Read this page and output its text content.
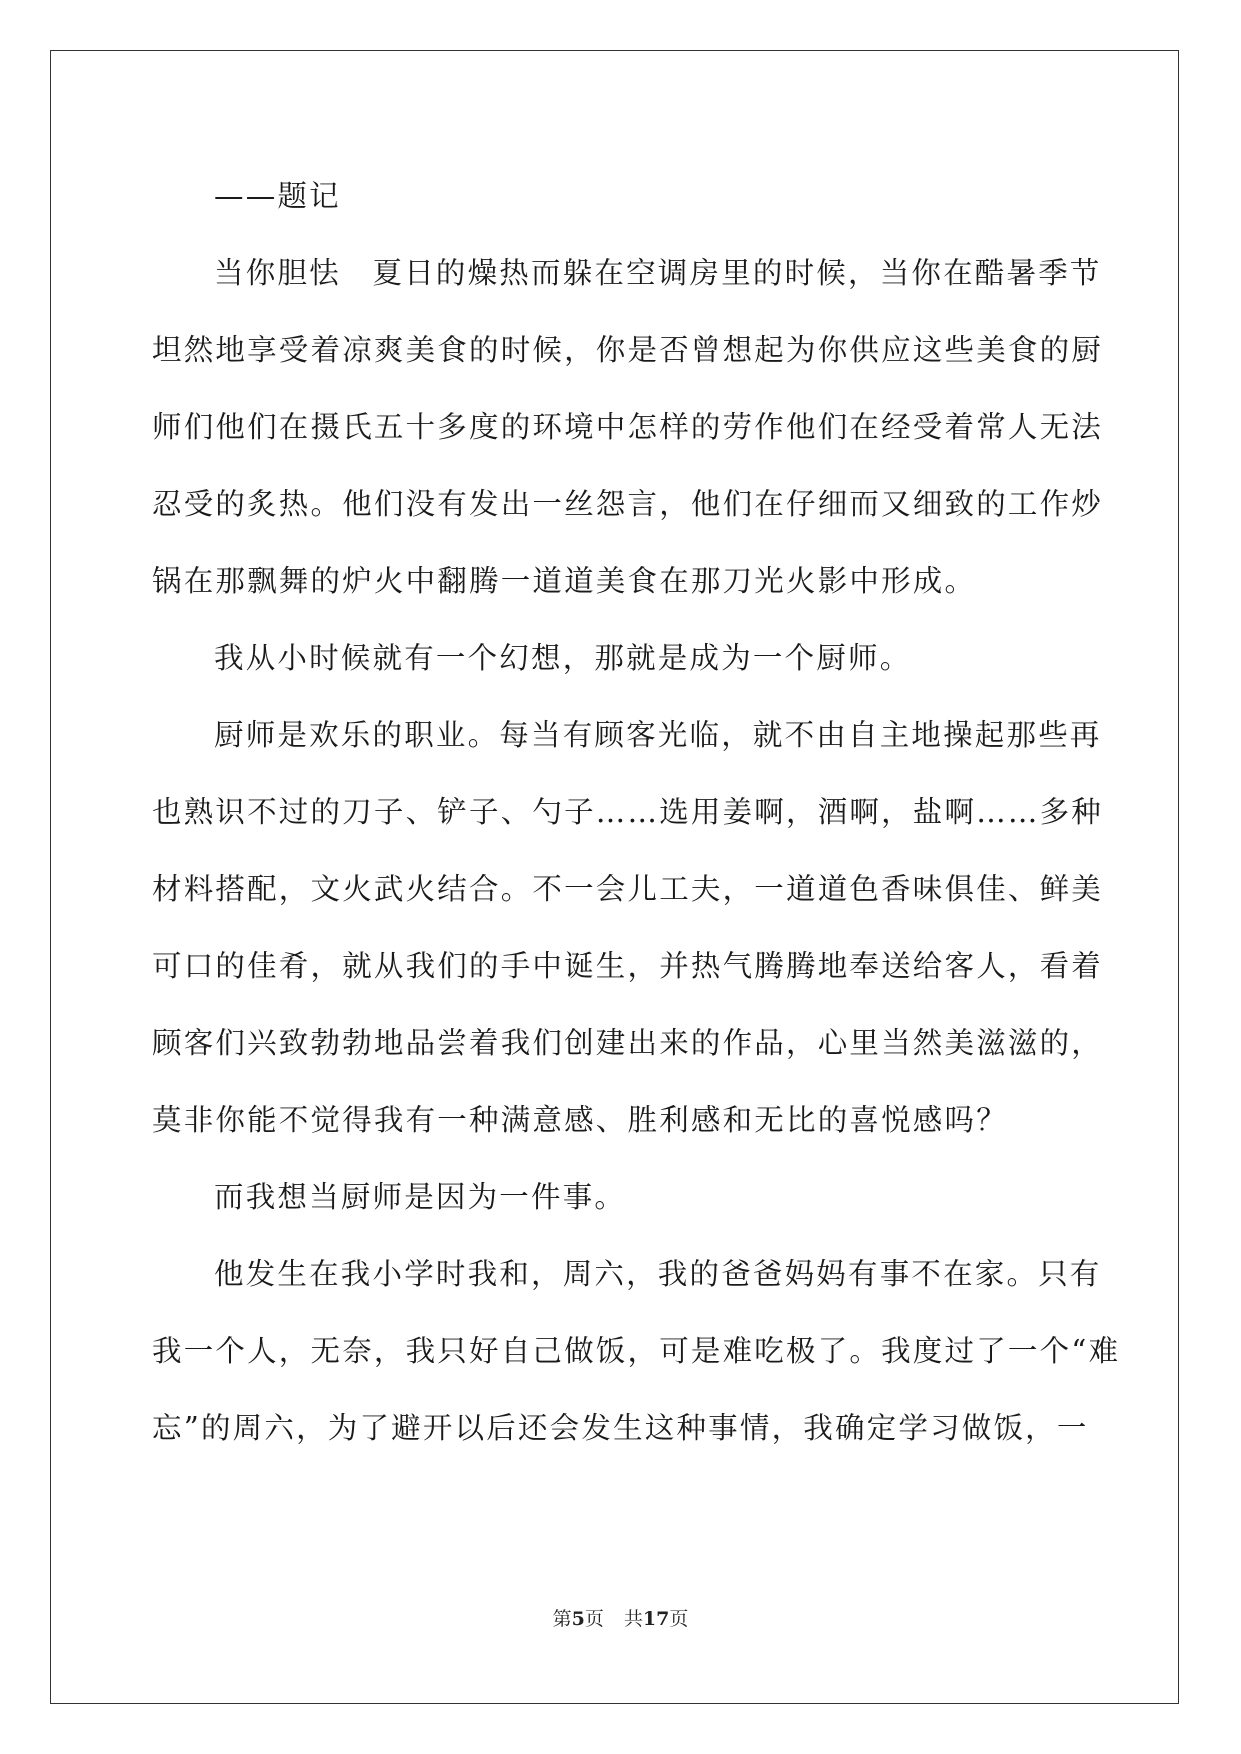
——题记
当你胆怯　夏日的燥热而躲在空调房里的时候，当你在酷暑季节
坦然地享受着凉爽美食的时候，你是否曾想起为你供应这些美食的厨
师们他们在摄氏五十多度的环境中怎样的劳作他们在经受着常人无法
忍受的炙热。他们没有发出一丝怨言，他们在仔细而又细致的工作炒
锅在那飘舞的炉火中翻腾一道道美食在那刀光火影中形成。
我从小时候就有一个幻想，那就是成为一个厨师。
厨师是欢乐的职业。每当有顾客光临，就不由自主地操起那些再
也熟识不过的刀子、铲子、勺子……选用姜啊，酒啊，盐啊……多种
材料搭配，文火武火结合。不一会儿工夫，一道道色香味俱佳、鲜美
可口的佳肴，就从我们的手中诞生，并热气腾腾地奉送给客人，看着
顾客们兴致勃勃地品尝着我们创建出来的作品，心里当然美滋滋的，
莫非你能不觉得我有一种满意感、胜利感和无比的喜悦感吗？
而我想当厨师是因为一件事。
他发生在我小学时我和，周六，我的爸爸妈妈有事不在家。只有
我一个人，无奈，我只好自己做饭，可是难吃极了。我度过了一个“难
忘”的周六，为了避开以后还会发生这种事情，我确定学习做饭，一
第5页 共17页
